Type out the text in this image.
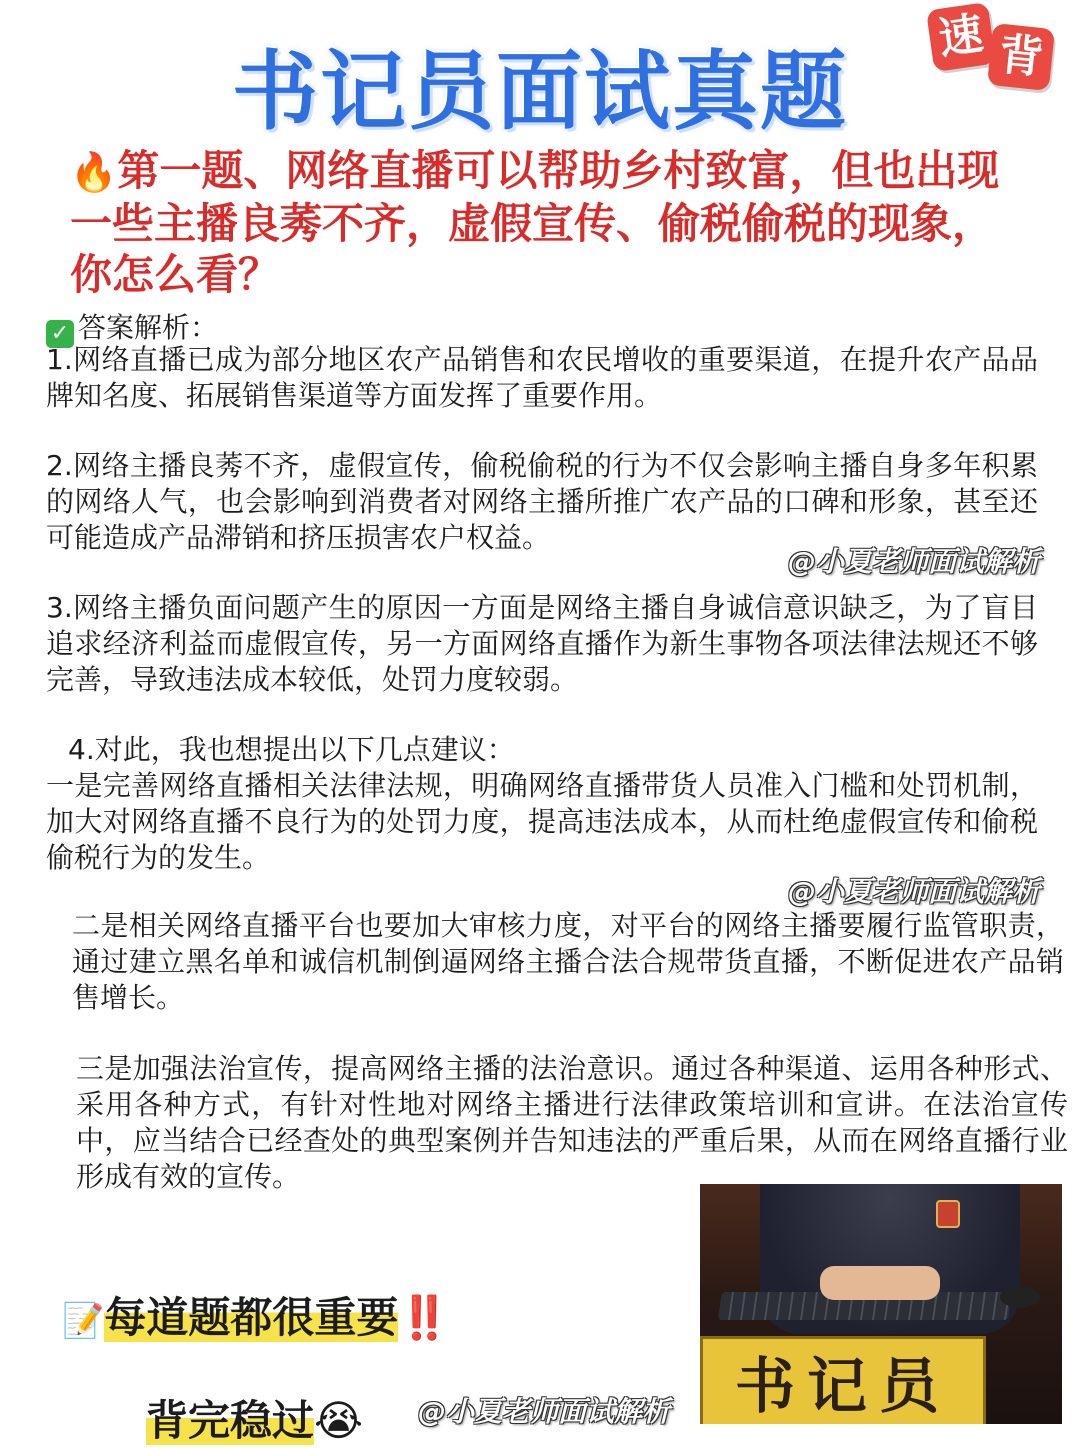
书记员面试真题
速 背
🔥第一题、网络直播可以帮助乡村致富，但也出现一些主播良莠不齐，虚假宣传、偷税偷税的现象，你怎么看？
✓ 答案解析：
1.网络直播已成为部分地区农产品销售和农民增收的重要渠道，在提升农产品品牌知名度、拓展销售渠道等方面发挥了重要作用。
2.网络主播良莠不齐，虚假宣传，偷税偷税的行为不仅会影响主播自身多年积累的网络人气，也会影响到消费者对网络主播所推广农产品的口碑和形象，甚至还可能造成产品滞销和挤压损害农户权益。
@小夏老师面试解析
3.网络主播负面问题产生的原因一方面是网络主播自身诚信意识缺乏，为了盲目追求经济利益而虚假宣传，另一方面网络直播作为新生事物各项法律法规还不够完善，导致违法成本较低，处罚力度较弱。
4.对此，我也想提出以下几点建议：
一是完善网络直播相关法律法规，明确网络直播带货人员准入门槛和处罚机制，加大对网络直播不良行为的处罚力度，提高违法成本，从而杜绝虚假宣传和偷税偷税行为的发生。
@小夏老师面试解析
二是相关网络直播平台也要加大审核力度，对平台的网络主播要履行监管职责，通过建立黑名单和诚信机制倒逼网络主播合法合规带货直播，不断促进农产品销售增长。
三是加强法治宣传，提高网络主播的法治意识。通过各种渠道、运用各种形式、采用各种方式，有针对性地对网络主播进行法律政策培训和宣讲。在法治宣传中，应当结合已经查处的典型案例并告知违法的严重后果，从而在网络直播行业形成有效的宣传。
📝每道题都很重要‼️
背完稳过😭 @小夏老师面试解析	书记员
